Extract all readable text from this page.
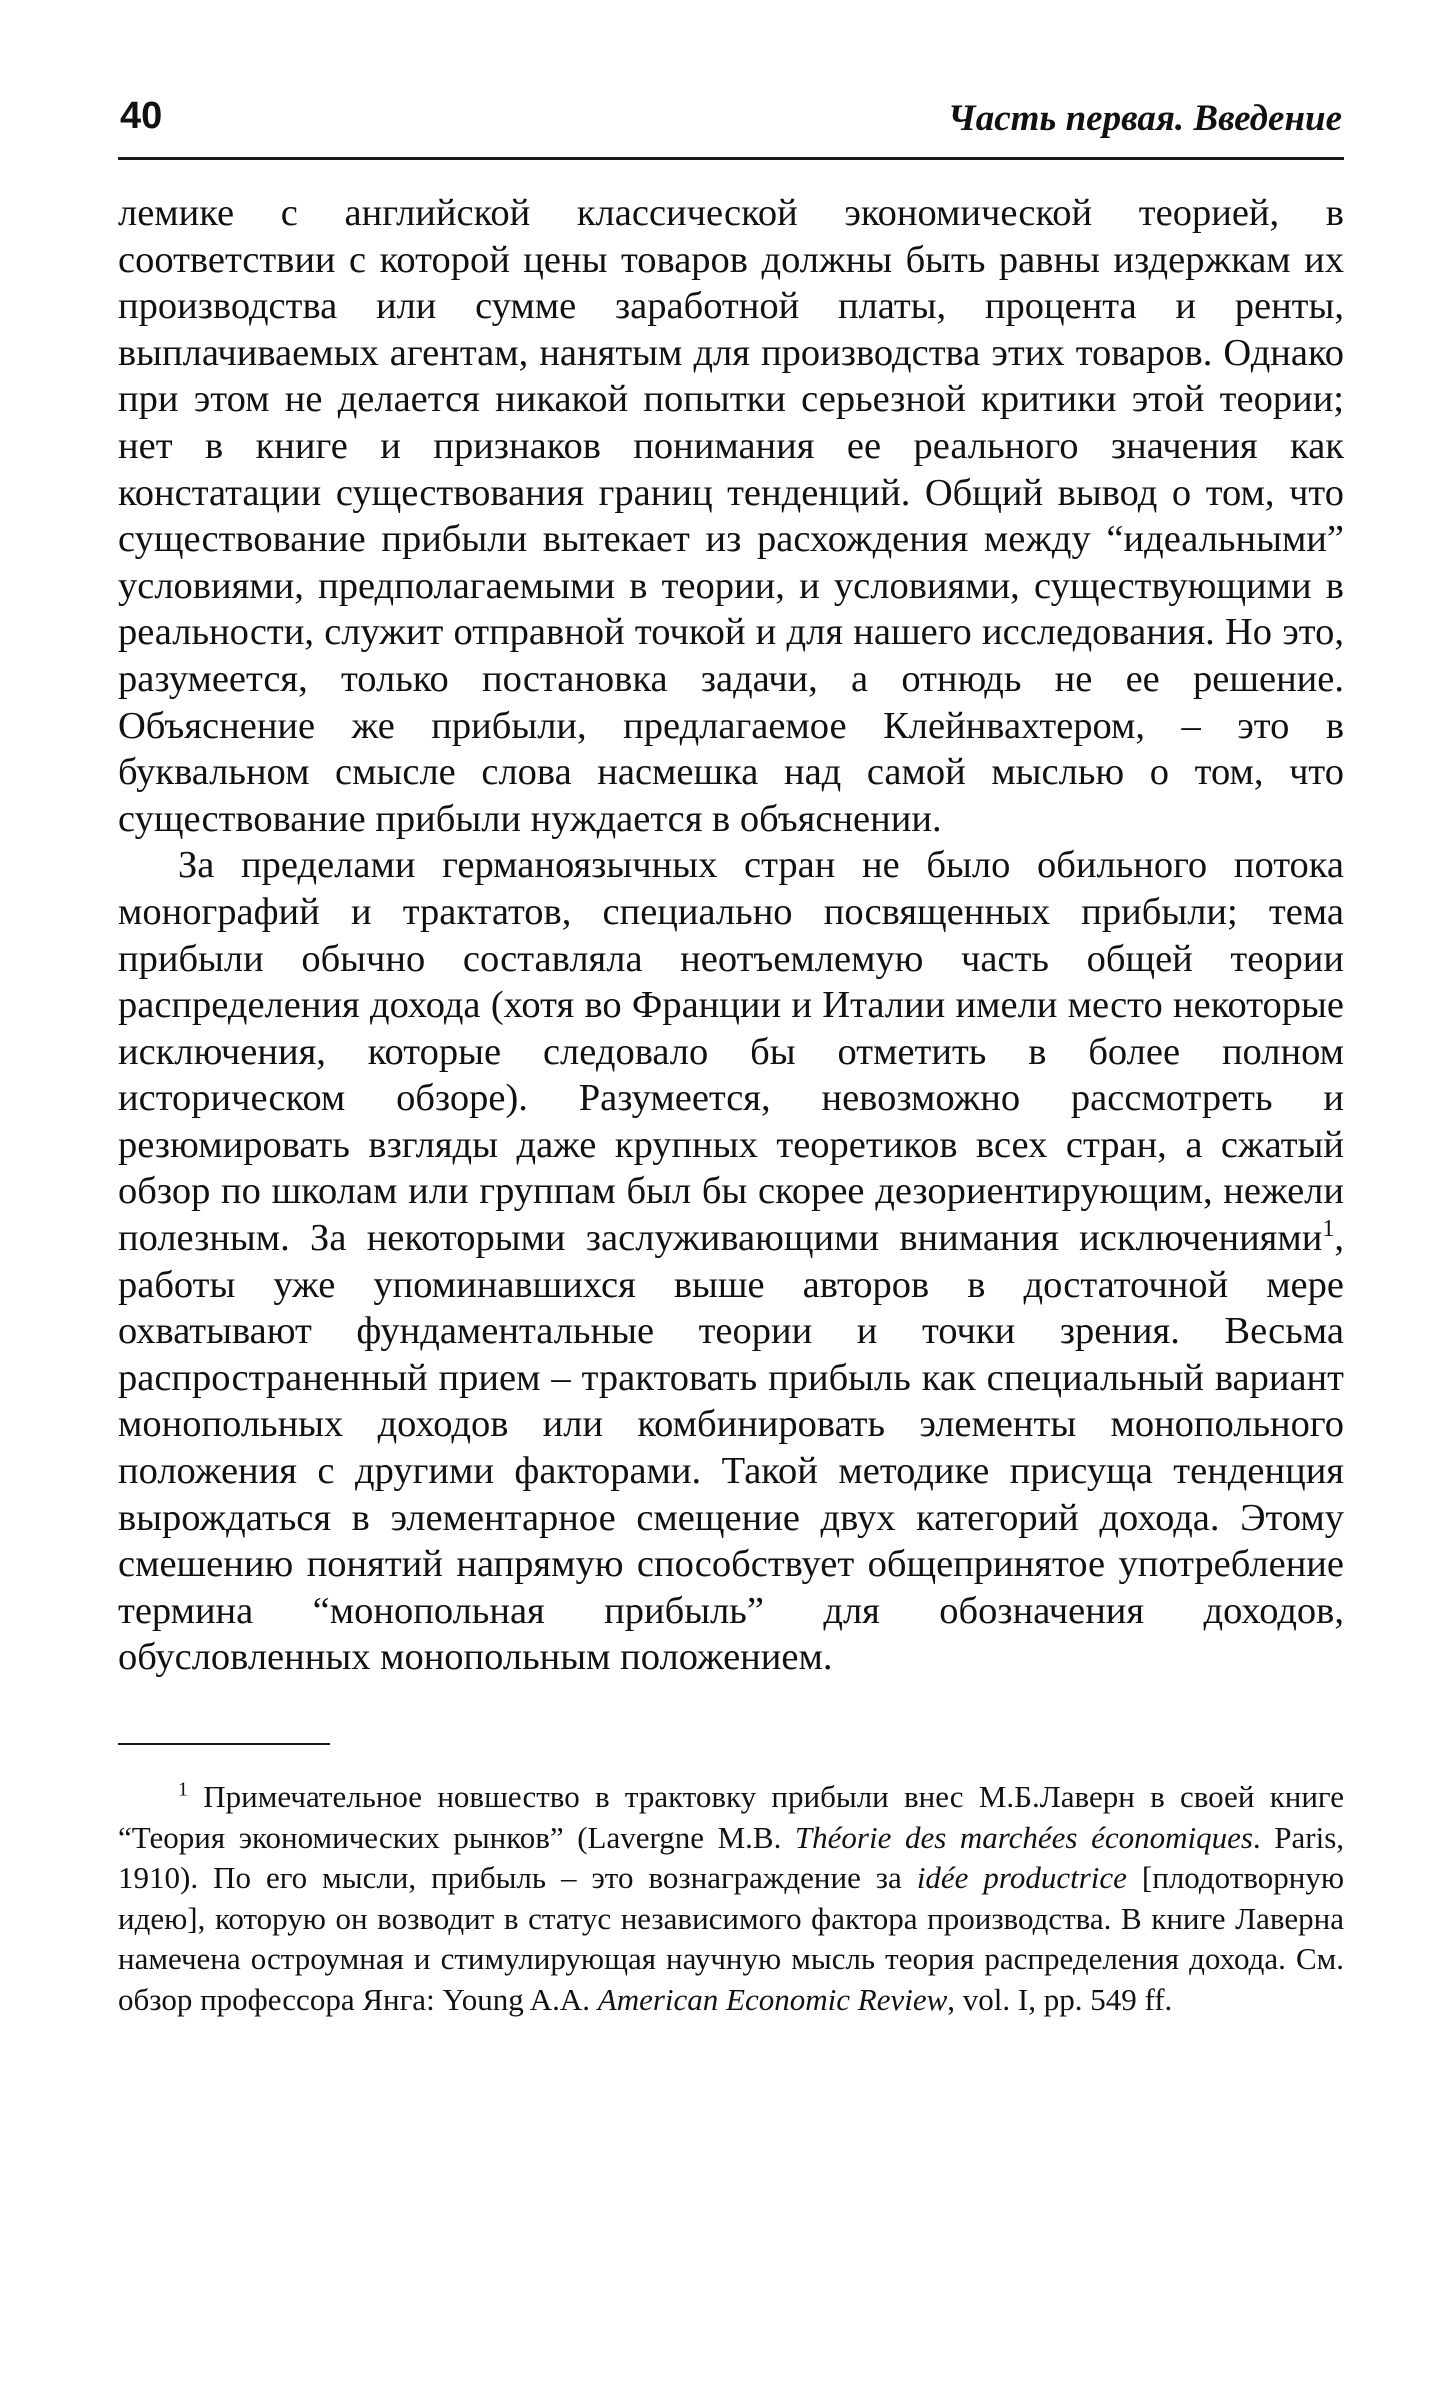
40	Часть первая. Введение

лемике с английской классической экономической теорией, в соответствии с которой цены товаров должны быть равны издержкам их производства или сумме заработной платы, процента и ренты, выплачиваемых агентам, нанятым для производства этих товаров. Однако при этом не делается никакой попытки серьезной критики этой теории; нет в книге и признаков понимания ее реального значения как констатации существования границ тенденций. Общий вывод о том, что существование прибыли вытекает из расхождения между “идеальными” условиями, предполагаемыми в теории, и условиями, существующими в реальности, служит отправной точкой и для нашего исследования. Но это, разумеется, только постановка задачи, а отнюдь не ее решение. Объяснение же прибыли, предлагаемое Клейнвахтером, – это в буквальном смысле слова насмешка над самой мыслью о том, что существование прибыли нуждается в объяснении.

За пределами германоязычных стран не было обильного потока монографий и трактатов, специально посвященных прибыли; тема прибыли обычно составляла неотъемлемую часть общей теории распределения дохода (хотя во Франции и Италии имели место некоторые исключения, которые следовало бы отметить в более полном историческом обзоре). Разумеется, невозможно рассмотреть и резюмировать взгляды даже крупных теоретиков всех стран, а сжатый обзор по школам или группам был бы скорее дезориентирующим, нежели полезным. За некоторыми заслуживающими внимания исключениями$^1$, работы уже упоминавшихся выше авторов в достаточной мере охватывают фундаментальные теории и точки зрения. Весьма распространенный прием – трактовать прибыль как специальный вариант монопольных доходов или комбинировать элементы монопольного положения с другими факторами. Такой методике присуща тенденция вырождаться в элементарное смещение двух категорий дохода. Этому смешению понятий напрямую способствует общепринятое употребление термина “монопольная прибыль” для обозначения доходов, обусловленных монопольным положением.

$^1$ Примечательное новшество в трактовку прибыли внес М.Б.Лаверн в своей книге “Теория экономических рынков” (Lavergne M.B. Théorie des marchées économiques. Paris, 1910). По его мысли, прибыль – это вознаграждение за idée productrice [плодотворную идею], которую он возводит в статус независимого фактора производства. В книге Лаверна намечена остроумная и стимулирующая научную мысль теория распределения дохода. См. обзор профессора Янга: Young A.A. American Economic Review, vol. I, pp. 549 ff.
